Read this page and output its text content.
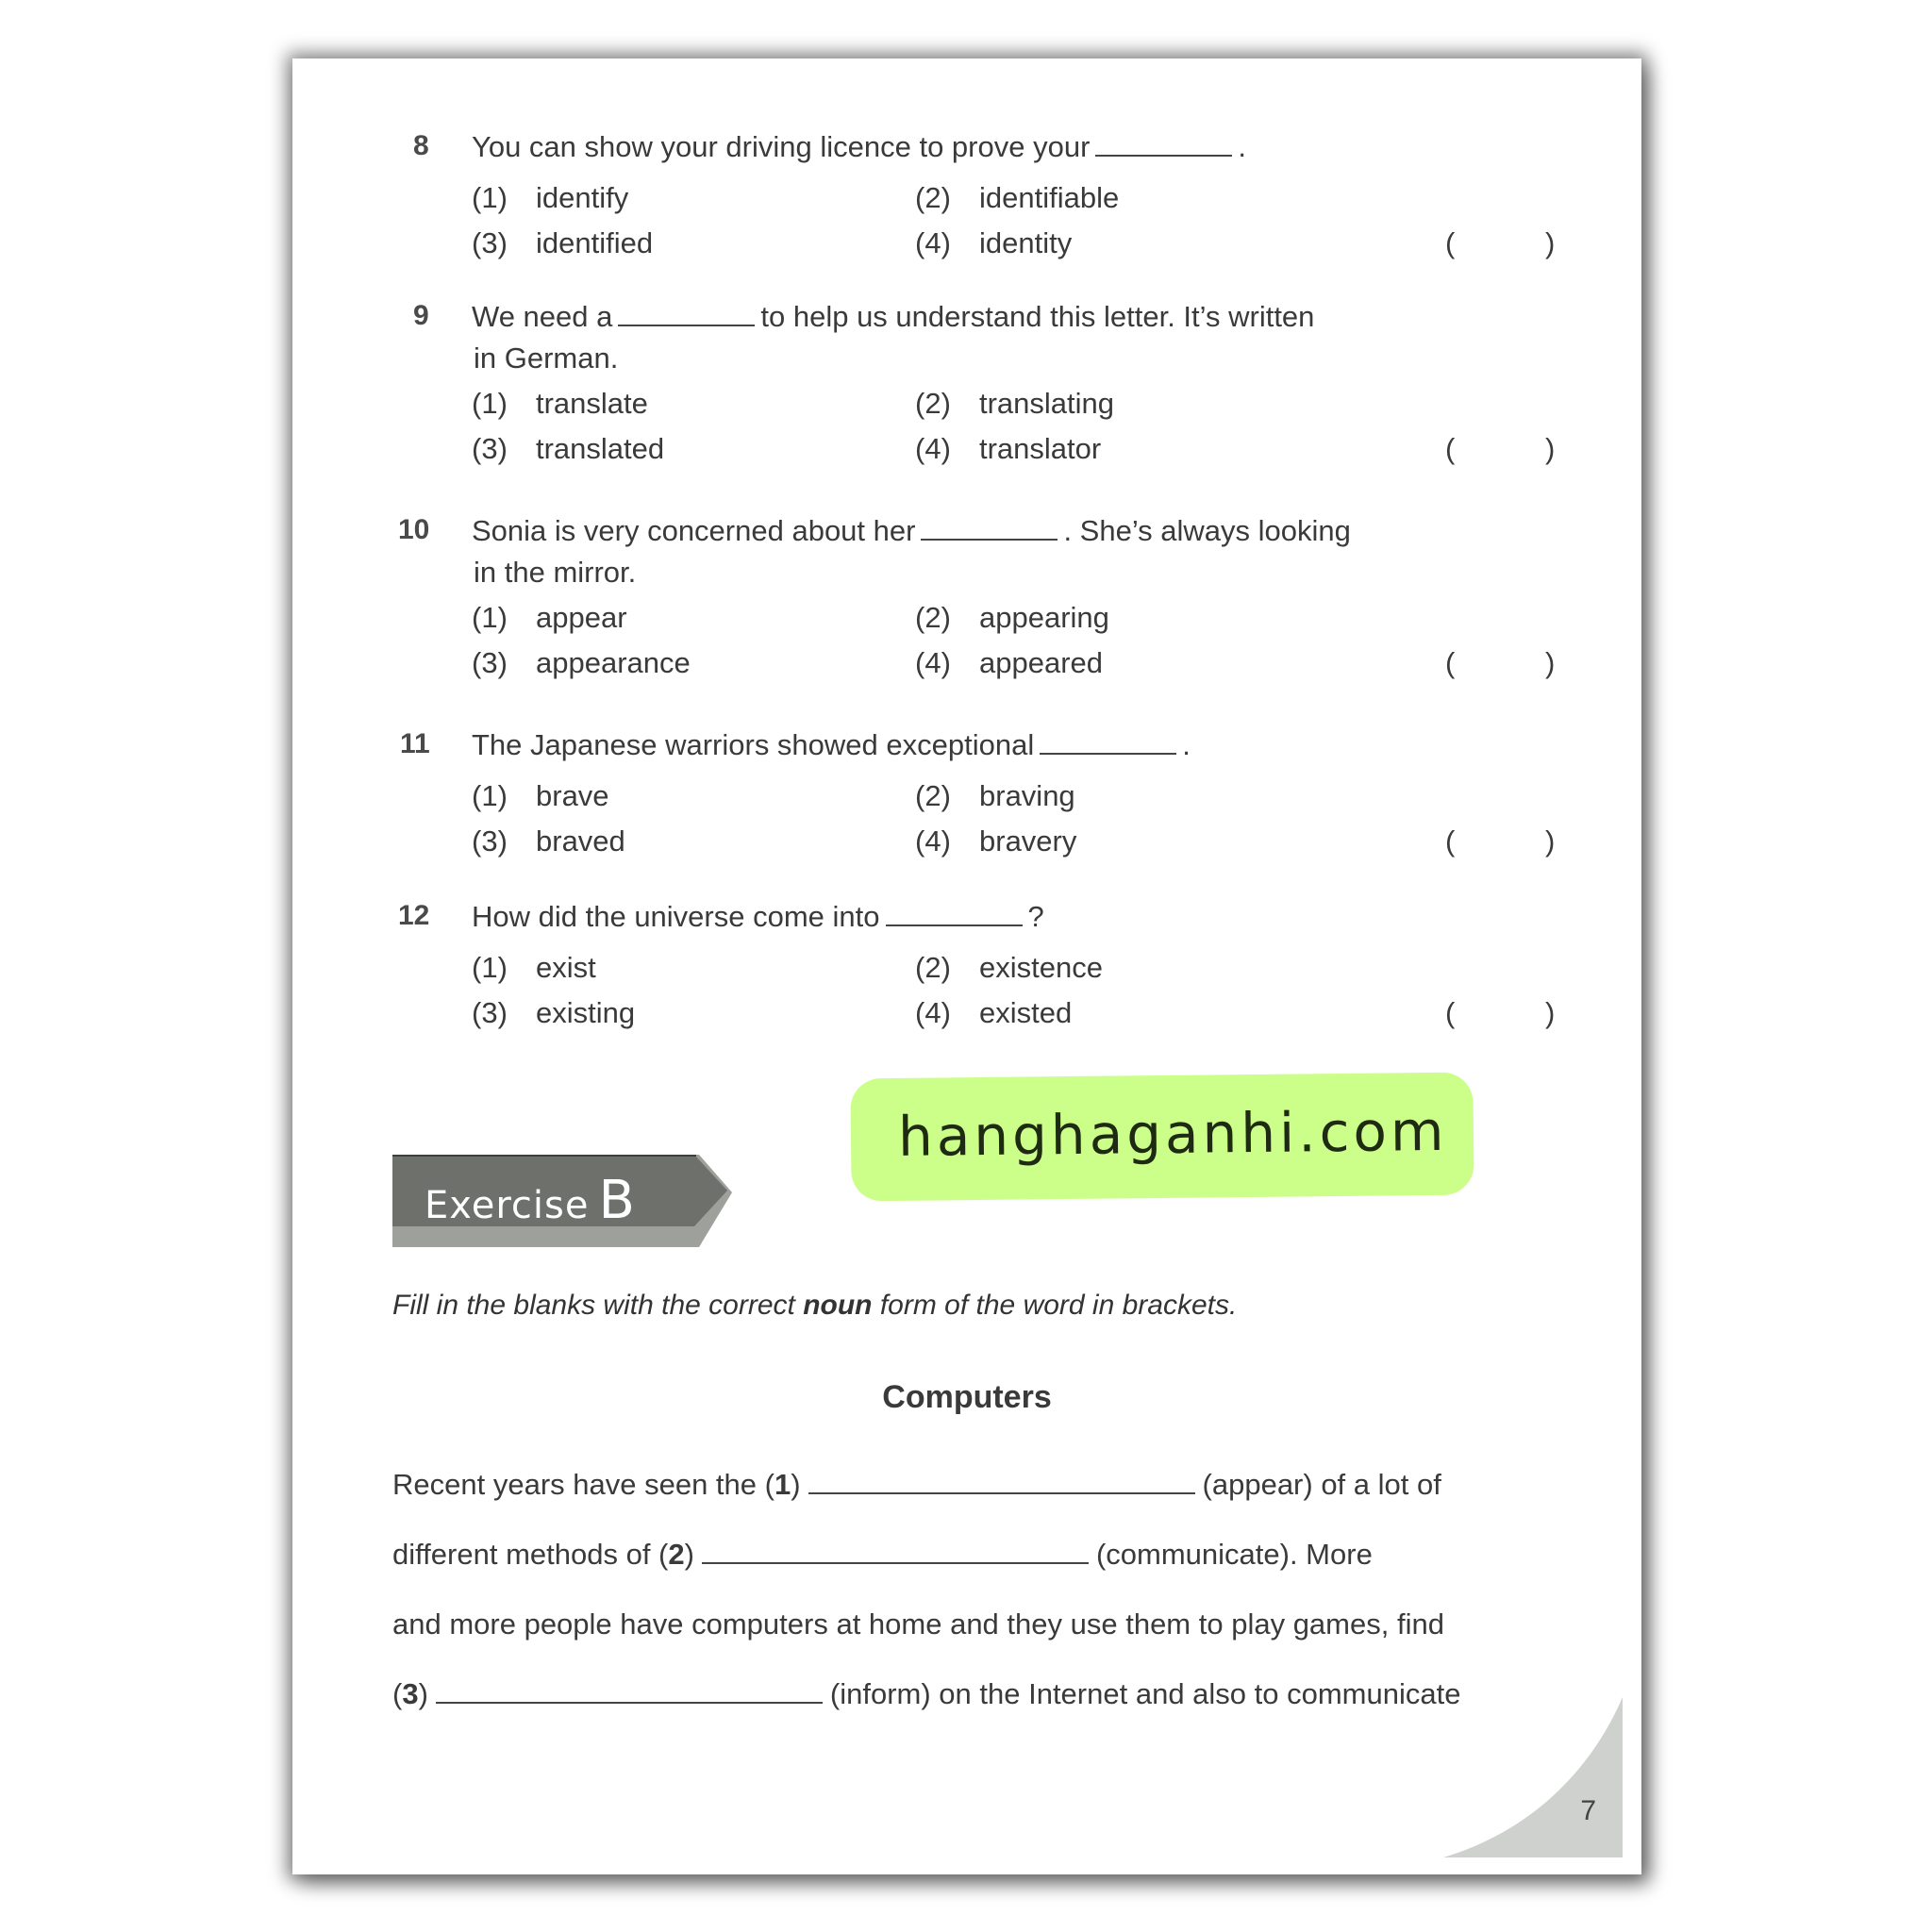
8 You can show your driving licence to prove your	.
(1) identify	(2) identifiable
(3) identified	(4) identity	(	)
9 We need a	to help us understand this letter. It’s written
in German.
(1) translate	(2) translating
(3) translated	(4) translator	(	)
10 Sonia is very concerned about her	. She’s always looking
in the mirror.
(1) appear	(2) appearing
(3) appearance	(4) appeared	(	)
11 The Japanese warriors showed exceptional	.
(1) brave	(2) braving
(3) braved	(4) bravery	(	)
12 How did the universe come into	?
(1) exist	(2) existence
(3) existing	(4) existed	(	)
Exercise B
hanghaganhi.com
Fill in the blanks with the correct noun form of the word in brackets.
Computers
Recent years have seen the (1)	(appear) of a lot of
different methods of (2)	(communicate). More
and more people have computers at home and they use them to play games, find
(3)	(inform) on the Internet and also to communicate
7
